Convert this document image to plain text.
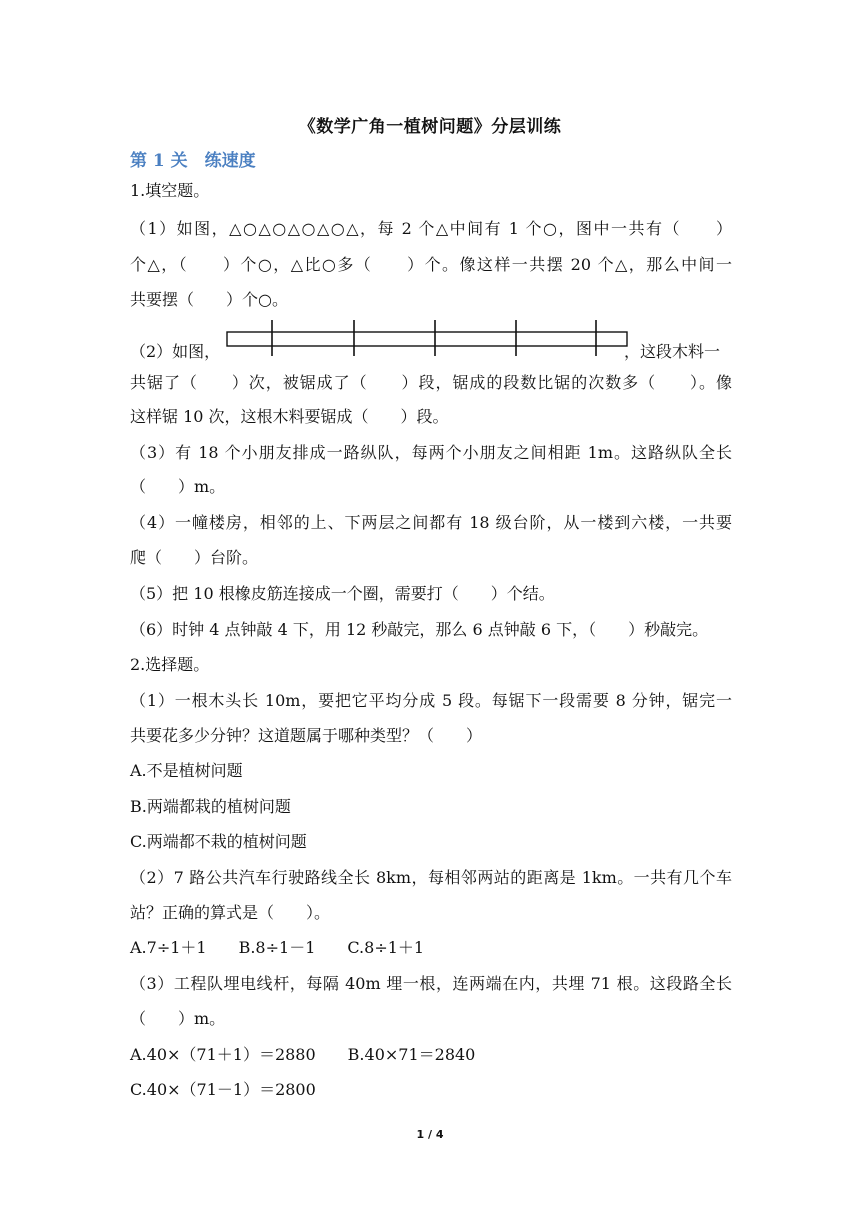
《数学广角一植树问题》分层训练
第 1 关　练速度
1.填空题。
（1）如图，△○△○△○△○△，每 2 个△中间有 1 个○，图中一共有（　　）
个△，（　　）个○，△比○多（　　）个。像这样一共摆 20 个△，那么中间一
共要摆（　　）个○。
（2）如图，	，这段木料一
共锯了（　　）次，被锯成了（　　）段，锯成的段数比锯的次数多（　　）。像
这样锯 10 次，这根木料要锯成（　　）段。
（3）有 18 个小朋友排成一路纵队，每两个小朋友之间相距 1m。这路纵队全长
（　　）m。
（4）一幢楼房，相邻的上、下两层之间都有 18 级台阶，从一楼到六楼，一共要
爬（　　）台阶。
（5）把 10 根橡皮筋连接成一个圈，需要打（　　）个结。
（6）时钟 4 点钟敲 4 下，用 12 秒敲完，那么 6 点钟敲 6 下，（　　）秒敲完。
2.选择题。
（1）一根木头长 10m，要把它平均分成 5 段。每锯下一段需要 8 分钟，锯完一
共要花多少分钟？这道题属于哪种类型？（　　）
A.不是植树问题
B.两端都栽的植树问题
C.两端都不栽的植树问题
（2）7 路公共汽车行驶路线全长 8km，每相邻两站的距离是 1km。一共有几个车
站？正确的算式是（　　）。
A.7÷1＋1　　B.8÷1－1　　C.8÷1＋1
（3）工程队埋电线杆，每隔 40m 埋一根，连两端在内，共埋 71 根。这段路全长
（　　）m。
A.40×（71＋1）＝2880　　B.40×71＝2840
C.40×（71－1）＝2800
1 / 4
